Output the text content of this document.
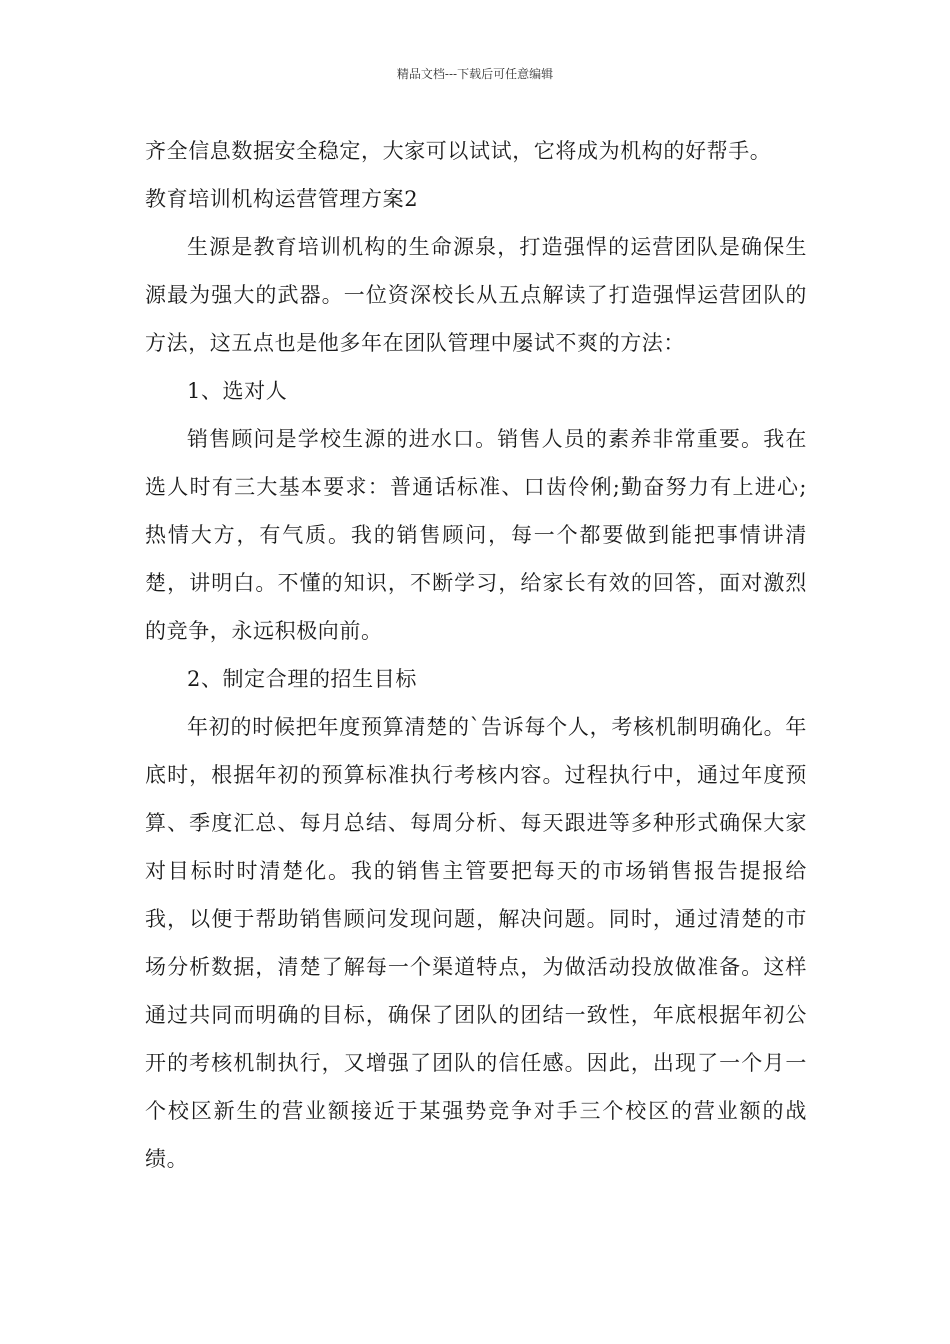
精品文档---下载后可任意编辑

齐全信息数据安全稳定，大家可以试试，它将成为机构的好帮手。

教育培训机构运营管理方案2

生源是教育培训机构的生命源泉，打造强悍的运营团队是确保生源最为强大的武器。一位资深校长从五点解读了打造强悍运营团队的方法，这五点也是他多年在团队管理中屡试不爽的方法：

1、选对人

销售顾问是学校生源的进水口。销售人员的素养非常重要。我在选人时有三大基本要求：普通话标准、口齿伶俐;勤奋努力有上进心;热情大方，有气质。我的销售顾问，每一个都要做到能把事情讲清楚，讲明白。不懂的知识，不断学习，给家长有效的回答，面对激烈的竞争，永远积极向前。

2、制定合理的招生目标

年初的时候把年度预算清楚的`告诉每个人，考核机制明确化。年底时，根据年初的预算标准执行考核内容。过程执行中，通过年度预算、季度汇总、每月总结、每周分析、每天跟进等多种形式确保大家对目标时时清楚化。我的销售主管要把每天的市场销售报告提报给我，以便于帮助销售顾问发现问题，解决问题。同时，通过清楚的市场分析数据，清楚了解每一个渠道特点，为做活动投放做准备。这样通过共同而明确的目标，确保了团队的团结一致性，年底根据年初公开的考核机制执行，又增强了团队的信任感。因此，出现了一个月一个校区新生的营业额接近于某强势竞争对手三个校区的营业额的战绩。
